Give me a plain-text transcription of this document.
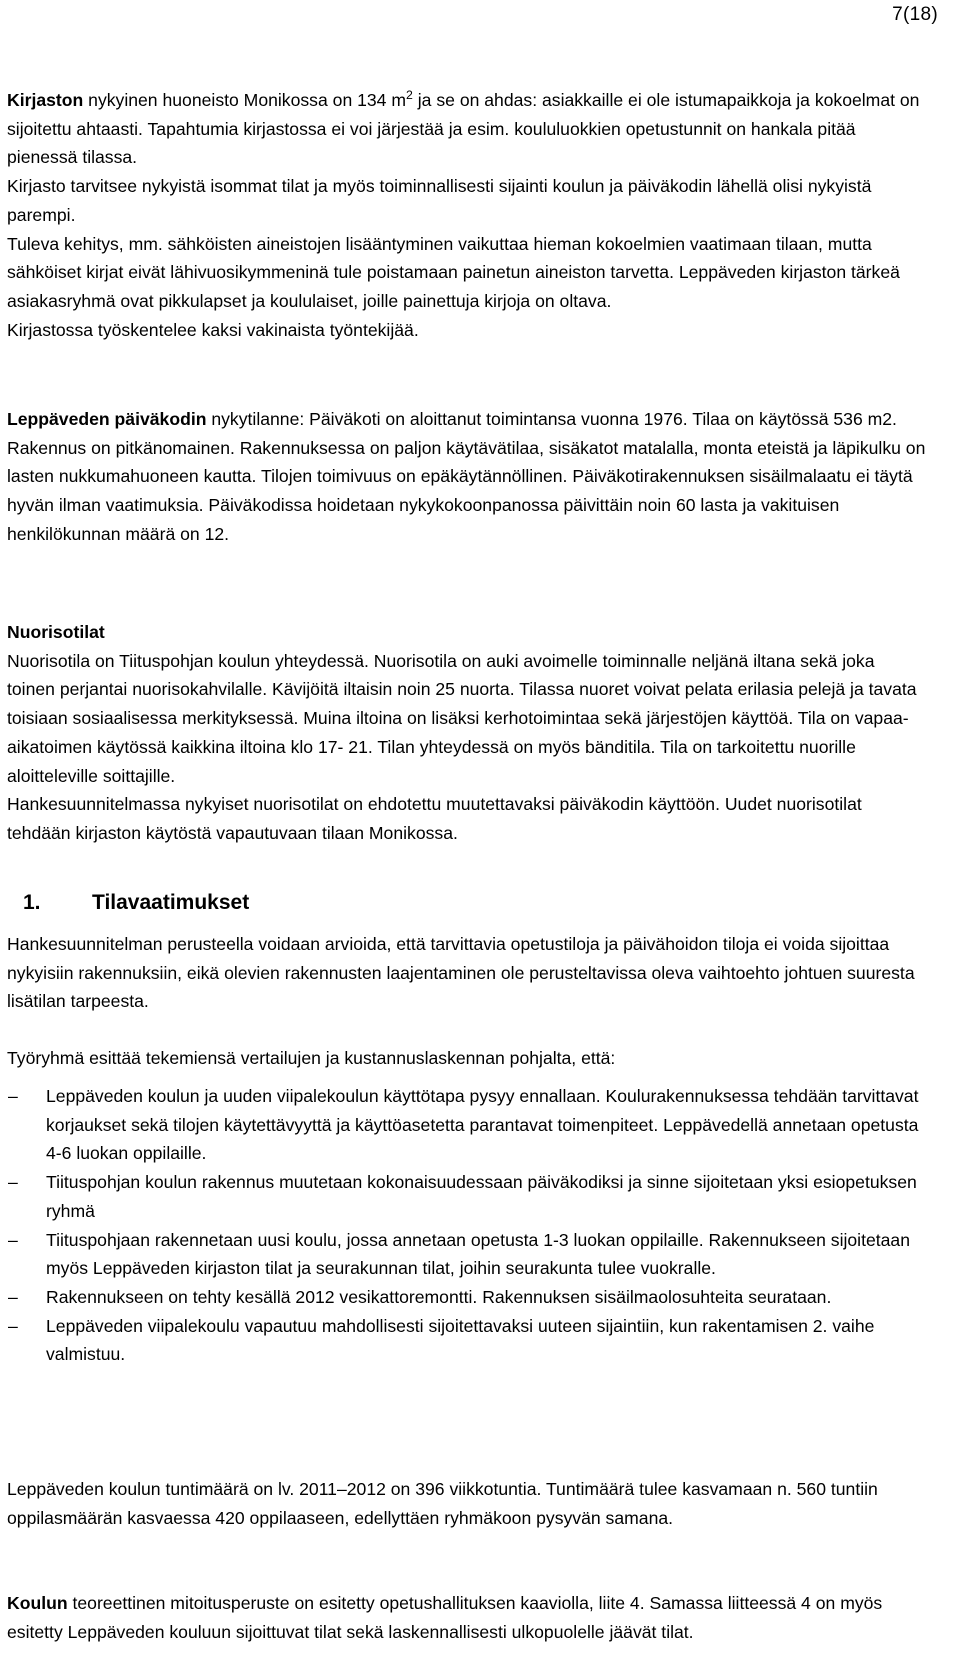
7(18)

Kirjaston nykyinen huoneisto Monikossa on 134 $m^2$ ja se on ahdas: asiakkaille ei ole istumapaikkoja ja kokoelmat on sijoitettu ahtaasti. Tapahtumia kirjastossa ei voi järjestää ja esim. koululuokkien opetustunnit on hankala pitää pienessä tilassa.

Kirjasto tarvitsee nykyistä isommat tilat ja myös toiminnallisesti sijainti koulun ja päiväkodin lähellä olisi nykyistä parempi.

Tuleva kehitys, mm. sähköisten aineistojen lisääntyminen vaikuttaa hieman kokoelmien vaatimaan tilaan, mutta sähköiset kirjat eivät lähivuosikymmeninä tule poistamaan painetun aineiston tarvetta. Leppäveden kirjaston tärkeä asiakasryhmä ovat pikkulapset ja koululaiset, joille painettuja kirjoja on oltava.

Kirjastossa työskentelee kaksi vakinaista työntekijää.

Leppäveden päiväkodin nykytilanne: Päiväkoti on aloittanut toimintansa vuonna 1976. Tilaa on käytössä 536 m2. Rakennus on pitkänomainen. Rakennuksessa on paljon käytävätilaa, sisäkatot matalalla, monta eteistä ja läpikulku on lasten nukkumahuoneen kautta. Tilojen toimivuus on epäkäytännöllinen. Päiväkotirakennuksen sisäilmalaatu ei täytä hyvän ilman vaatimuksia. Päiväkodissa hoidetaan nykykokoonpanossa päivittäin noin 60 lasta ja vakituisen henkilökunnan määrä on 12.

Nuorisotilat

Nuorisotila on Tiituspohjan koulun yhteydessä. Nuorisotila on auki avoimelle toiminnalle neljänä iltana sekä joka toinen perjantai nuorisokahvilalle. Kävijöitä iltaisin noin 25 nuorta. Tilassa nuoret voivat pelata erilasia pelejä ja tavata toisiaan sosiaalisessa merkityksessä. Muina iltoina on lisäksi kerhotoimintaa sekä järjestöjen käyttöä. Tila on vapaa-aikatoimen käytössä kaikkina iltoina klo 17- 21. Tilan yhteydessä on myös bänditila. Tila on tarkoitettu nuorille aloitteleville soittajille.

Hankesuunnitelmassa nykyiset nuorisotilat on ehdotettu muutettavaksi päiväkodin käyttöön. Uudet nuorisotilat tehdään kirjaston käytöstä vapautuvaan tilaan Monikossa.

1. Tilavaatimukset

Hankesuunnitelman perusteella voidaan arvioida, että tarvittavia opetustiloja ja päivähoidon tiloja ei voida sijoittaa nykyisiin rakennuksiin, eikä olevien rakennusten laajentaminen ole perusteltavissa oleva vaihtoehto johtuen suuresta lisätilan tarpeesta.

Työryhmä esittää tekemiensä vertailujen ja kustannuslaskennan pohjalta, että:

– Leppäveden koulun ja uuden viipalekoulun käyttötapa pysyy ennallaan. Koulurakennuksessa tehdään tarvittavat korjaukset sekä tilojen käytettävyyttä ja käyttöasetetta parantavat toimenpiteet. Leppävedellä annetaan opetusta 4-6 luokan oppilaille.
– Tiituspohjan koulun rakennus muutetaan kokonaisuudessaan päiväkodiksi ja sinne sijoitetaan yksi esiopetuksen ryhmä
– Tiituspohjaan rakennetaan uusi koulu, jossa annetaan opetusta 1-3 luokan oppilaille. Rakennukseen sijoitetaan myös Leppäveden kirjaston tilat ja seurakunnan tilat, joihin seurakunta tulee vuokralle.
– Rakennukseen on tehty kesällä 2012 vesikattoremontti. Rakennuksen sisäilmaolosuhteita seurataan.
– Leppäveden viipalekoulu vapautuu mahdollisesti sijoitettavaksi uuteen sijaintiin, kun rakentamisen 2. vaihe valmistuu.

Leppäveden koulun tuntimäärä on lv. 2011–2012 on 396 viikkotuntia. Tuntimäärä tulee kasvamaan n. 560 tuntiin oppilasmäärän kasvaessa 420 oppilaaseen, edellyttäen ryhmäkoon pysyvän samana.

Koulun teoreettinen mitoitusperuste on esitetty opetushallituksen kaaviolla, liite 4. Samassa liitteessä 4 on myös esitetty Leppäveden kouluun sijoittuvat tilat sekä laskennallisesti ulkopuolelle jäävät tilat.
